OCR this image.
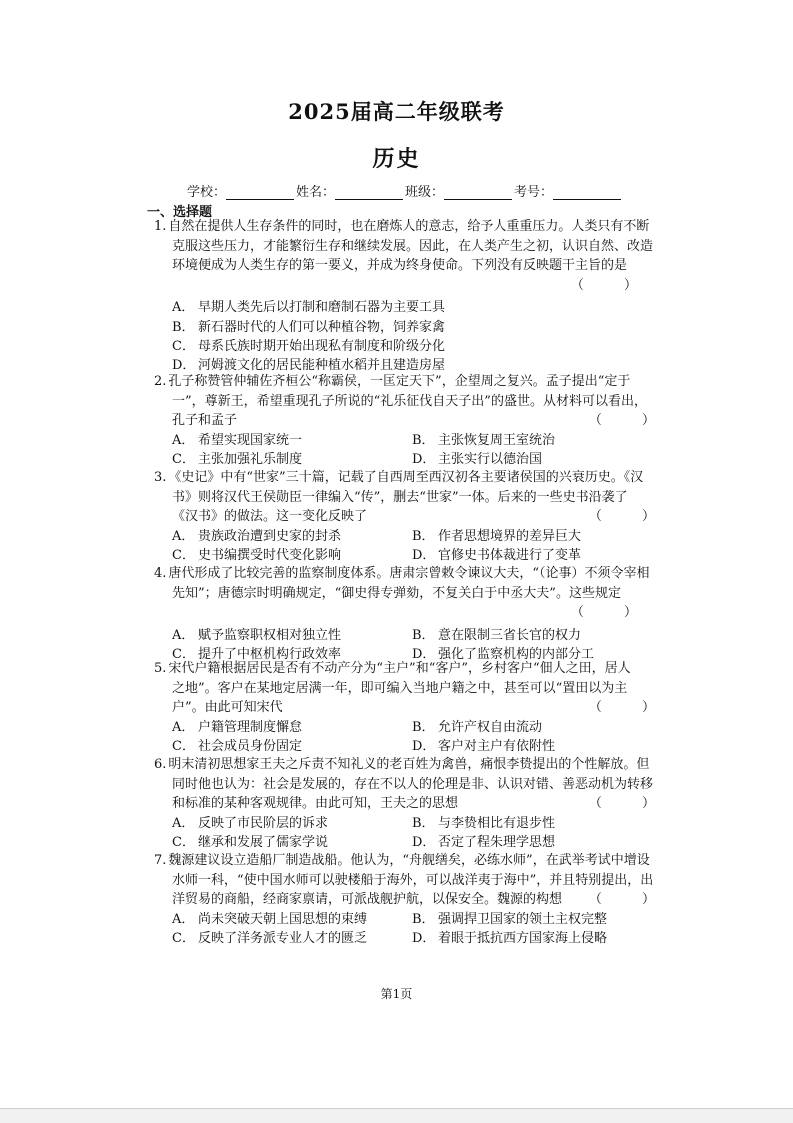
2025届高二年级联考
历史
学校：	姓名：	班级：	考号：
一、选择题
1. 自然在提供人生存条件的同时，也在磨炼人的意志，给予人重重压力。人类只有不断
克服这些压力，才能繁衍生存和继续发展。因此，在人类产生之初，认识自然、改造
环境便成为人类生存的第一要义，并成为终身使命。下列没有反映题干主旨的是
（ ）
A． 早期人类先后以打制和磨制石器为主要工具
B． 新石器时代的人们可以种植谷物，饲养家禽
C． 母系氏族时期开始出现私有制度和阶级分化
D． 河姆渡文化的居民能种植水稻并且建造房屋
2. 孔子称赞管仲辅佐齐桓公“称霸侯，一匡定天下”，企望周之复兴。孟子提出“定于
一”，尊新王，希望重现孔子所说的“礼乐征伐自天子出”的盛世。从材料可以看出，
孔子和孟子	（ ）
A． 希望实现国家统一	B． 主张恢复周王室统治
C． 主张加强礼乐制度	D． 主张实行以德治国
3. 《史记》中有“世家”三十篇，记载了自西周至西汉初各主要诸侯国的兴衰历史。《汉
书》则将汉代王侯勋臣一律编入“传”，删去“世家”一体。后来的一些史书沿袭了
《汉书》的做法。这一变化反映了	（ ）
A． 贵族政治遭到史家的封杀	B． 作者思想境界的差异巨大
C． 史书编撰受时代变化影响	D． 官修史书体裁进行了变革
4. 唐代形成了比较完善的监察制度体系。唐肃宗曾敕令谏议大夫，“（论事）不须令宰相
先知”；唐德宗时明确规定，“御史得专弹劾，不复关白于中丞大夫”。这些规定
（ ）
A． 赋予监察职权相对独立性	B． 意在限制三省长官的权力
C． 提升了中枢机构行政效率	D． 强化了监察机构的内部分工
5. 宋代户籍根据居民是否有不动产分为“主户”和“客户”，乡村客户“佃人之田，居人
之地”。客户在某地定居满一年，即可编入当地户籍之中，甚至可以“置田以为主
户”。由此可知宋代	（ ）
A． 户籍管理制度懈怠	B． 允许产权自由流动
C． 社会成员身份固定	D． 客户对主户有依附性
6. 明末清初思想家王夫之斥责不知礼义的老百姓为禽兽，痛恨李贽提出的个性解放。但
同时他也认为：社会是发展的，存在不以人的伦理是非、认识对错、善恶动机为转移
和标准的某种客观规律。由此可知，王夫之的思想	（ ）
A． 反映了市民阶层的诉求	B． 与李贽相比有退步性
C． 继承和发展了儒家学说	D． 否定了程朱理学思想
7. 魏源建议设立造船厂制造战船。他认为，“舟舰缮矣，必练水师”，在武举考试中增设
水师一科，“使中国水师可以驶楼船于海外，可以战洋夷于海中”，并且特别提出，出
洋贸易的商船，经商家禀请，可派战舰护航，以保安全。魏源的构想 （ ）
A． 尚未突破天朝上国思想的束缚	B． 强调捍卫国家的领土主权完整
C． 反映了洋务派专业人才的匮乏	D． 着眼于抵抗西方国家海上侵略
第1页
